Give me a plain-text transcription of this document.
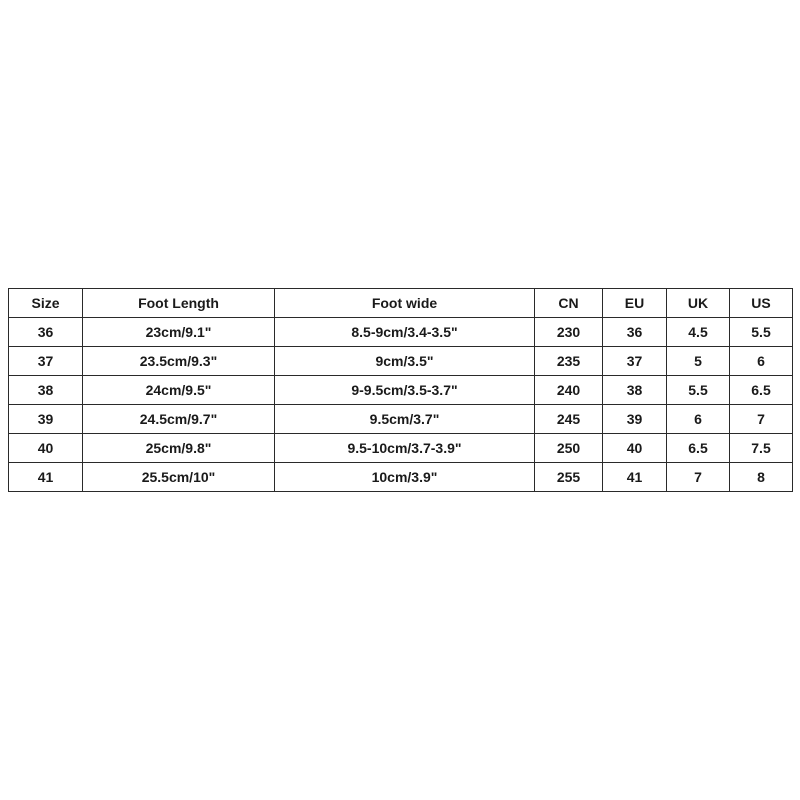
Size	Foot Length	Foot wide	CN	EU	UK	US
36	23cm/9.1"	8.5-9cm/3.4-3.5"	230	36	4.5	5.5
37	23.5cm/9.3"	9cm/3.5"	235	37	5	6
38	24cm/9.5"	9-9.5cm/3.5-3.7"	240	38	5.5	6.5
39	24.5cm/9.7"	9.5cm/3.7"	245	39	6	7
40	25cm/9.8"	9.5-10cm/3.7-3.9"	250	40	6.5	7.5
41	25.5cm/10"	10cm/3.9"	255	41	7	8
